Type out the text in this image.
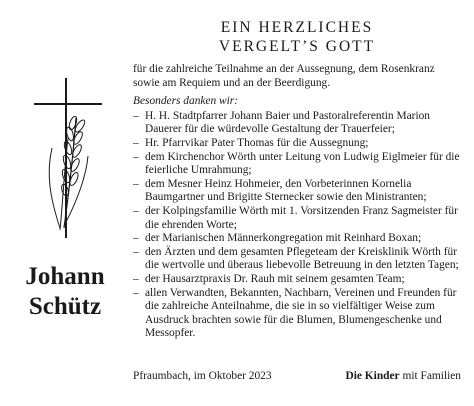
Johann
Schütz
EIN HERZLICHES
VERGELT’S GOTT
für die zahlreiche Teilnahme an der Aussegnung, dem Rosenkranz sowie am Requiem und an der Beerdigung.
Besonders danken wir:
– H. H. Stadtpfarrer Johann Baier und Pastoralreferentin Marion Dauerer für die würdevolle Gestaltung der Trauerfeier;
– Hr. Pfarrvikar Pater Thomas für die Aussegnung;
– dem Kirchenchor Wörth unter Leitung von Ludwig Eiglmeier für die feierliche Umrahmung;
– dem Mesner Heinz Hohmeier, den Vorbeterinnen Kornelia Baumgartner und Brigitte Sternecker sowie den Ministranten;
– der Kolpingsfamilie Wörth mit 1. Vorsitzenden Franz Sagmeister für die ehrenden Worte;
– der Marianischen Männerkongregation mit Reinhard Boxan;
– den Ärzten und dem gesamten Pflegeteam der Kreisklinik Wörth für die wertvolle und überaus liebevolle Betreuung in den letzten Tagen;
– der Hausarztpraxis Dr. Rauh mit seinem gesamten Team;
– allen Verwandten, Bekannten, Nachbarn, Vereinen und Freunden für die zahlreiche Anteilnahme, die sie in so vielfältiger Weise zum Ausdruck brachten sowie für die Blumen, Blumengeschenke und Messopfer.
Pfraumbach, im Oktober 2023	Die Kinder mit Familien
